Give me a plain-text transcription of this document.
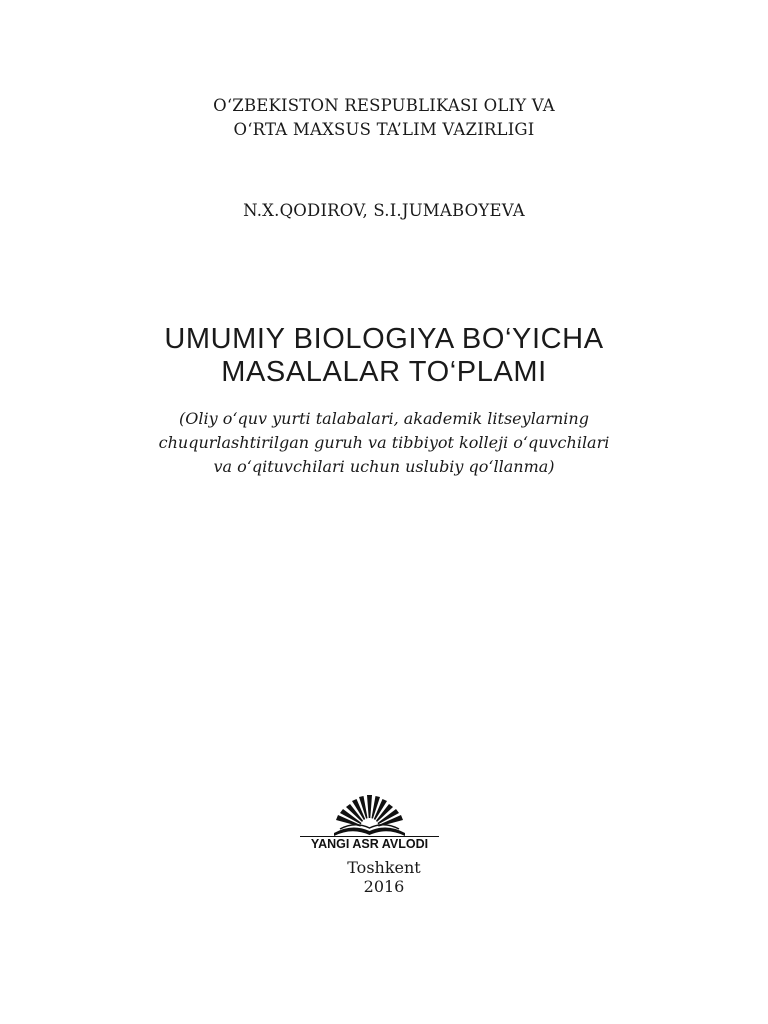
O‘ZBEKISTON RESPUBLIKASI OLIY VA
O‘RTA MAXSUS TA’LIM VAZIRLIGI
N.X.QODIROV, S.I.JUMABOYEVA
UMUMIY BIOLOGIYA BO‘YICHA
MASALALAR TO‘PLAMI
(Oliy o‘quv yurti talabalari, akademik litseylarning
chuqurlashtirilgan guruh va tibbiyot kolleji o‘quvchilari
va o‘qituvchilari uchun uslubiy qo‘llanma)
YANGI ASR AVLODI
Toshkent
2016
